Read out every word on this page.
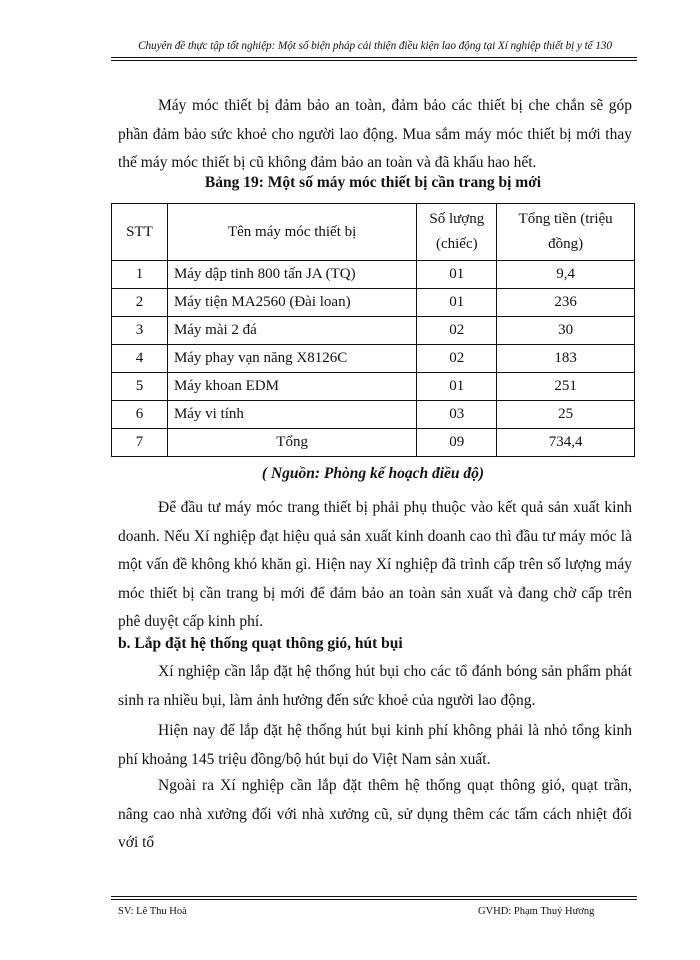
Chuyên đề thực tập tốt nghiệp: Một số biện pháp cải thiện điều kiện lao động tại Xí nghiệp thiết bị y tế 130
Máy móc thiết bị đảm bảo an toàn, đảm bảo các thiết bị che chắn sẽ góp phần đảm bảo sức khoẻ cho người lao động. Mua sắm máy móc thiết bị mới thay thế máy móc thiết bị cũ không đảm bảo an toàn và đã khấu hao hết.
Bảng 19: Một số máy móc thiết bị cần trang bị mới
STT	Tên máy móc thiết bị	Số lượng (chiếc)	Tổng tiền (triệu đồng)
1	Máy dập tinh 800 tấn JA (TQ)	01	9,4
2	Máy tiện MA2560 (Đài loan)	01	236
3	Máy mài 2 đá	02	30
4	Máy phay vạn năng X8126C	02	183
5	Máy khoan EDM	01	251
6	Máy vi tính	03	25
7	Tổng	09	734,4
( Nguồn: Phòng kế hoạch điều độ)
Để đầu tư máy móc trang thiết bị phải phụ thuộc vào kết quả sản xuất kinh doanh. Nếu Xí nghiệp đạt hiệu quả sản xuất kinh doanh cao thì đầu tư máy móc là một vấn đề không khó khăn gì. Hiện nay Xí nghiệp đã trình cấp trên số lượng máy móc thiết bị cần trang bị mới để đảm bảo an toàn sản xuất và đang chờ cấp trên phê duyệt cấp kinh phí.
b. Lắp đặt hệ thống quạt thông gió, hút bụi
Xí nghiệp cần lắp đặt hệ thống hút bụi cho các tổ đánh bóng sản phẩm phát sinh ra nhiều bụi, làm ảnh hưởng đến sức khoẻ của người lao động.
Hiện nay để lắp đặt hệ thống hút bụi kinh phí không phải là nhỏ tổng kinh phí khoảng 145 triệu đồng/bộ hút bụi do Việt Nam sản xuất.
Ngoài ra Xí nghiệp cần lắp đặt thêm hệ thống quạt thông gió, quạt trần, nâng cao nhà xưởng đối với nhà xưởng cũ, sử dụng thêm các tấm cách nhiệt đối với tổ
SV: Lê Thu Hoà	GVHD: Phạm Thuý Hương
